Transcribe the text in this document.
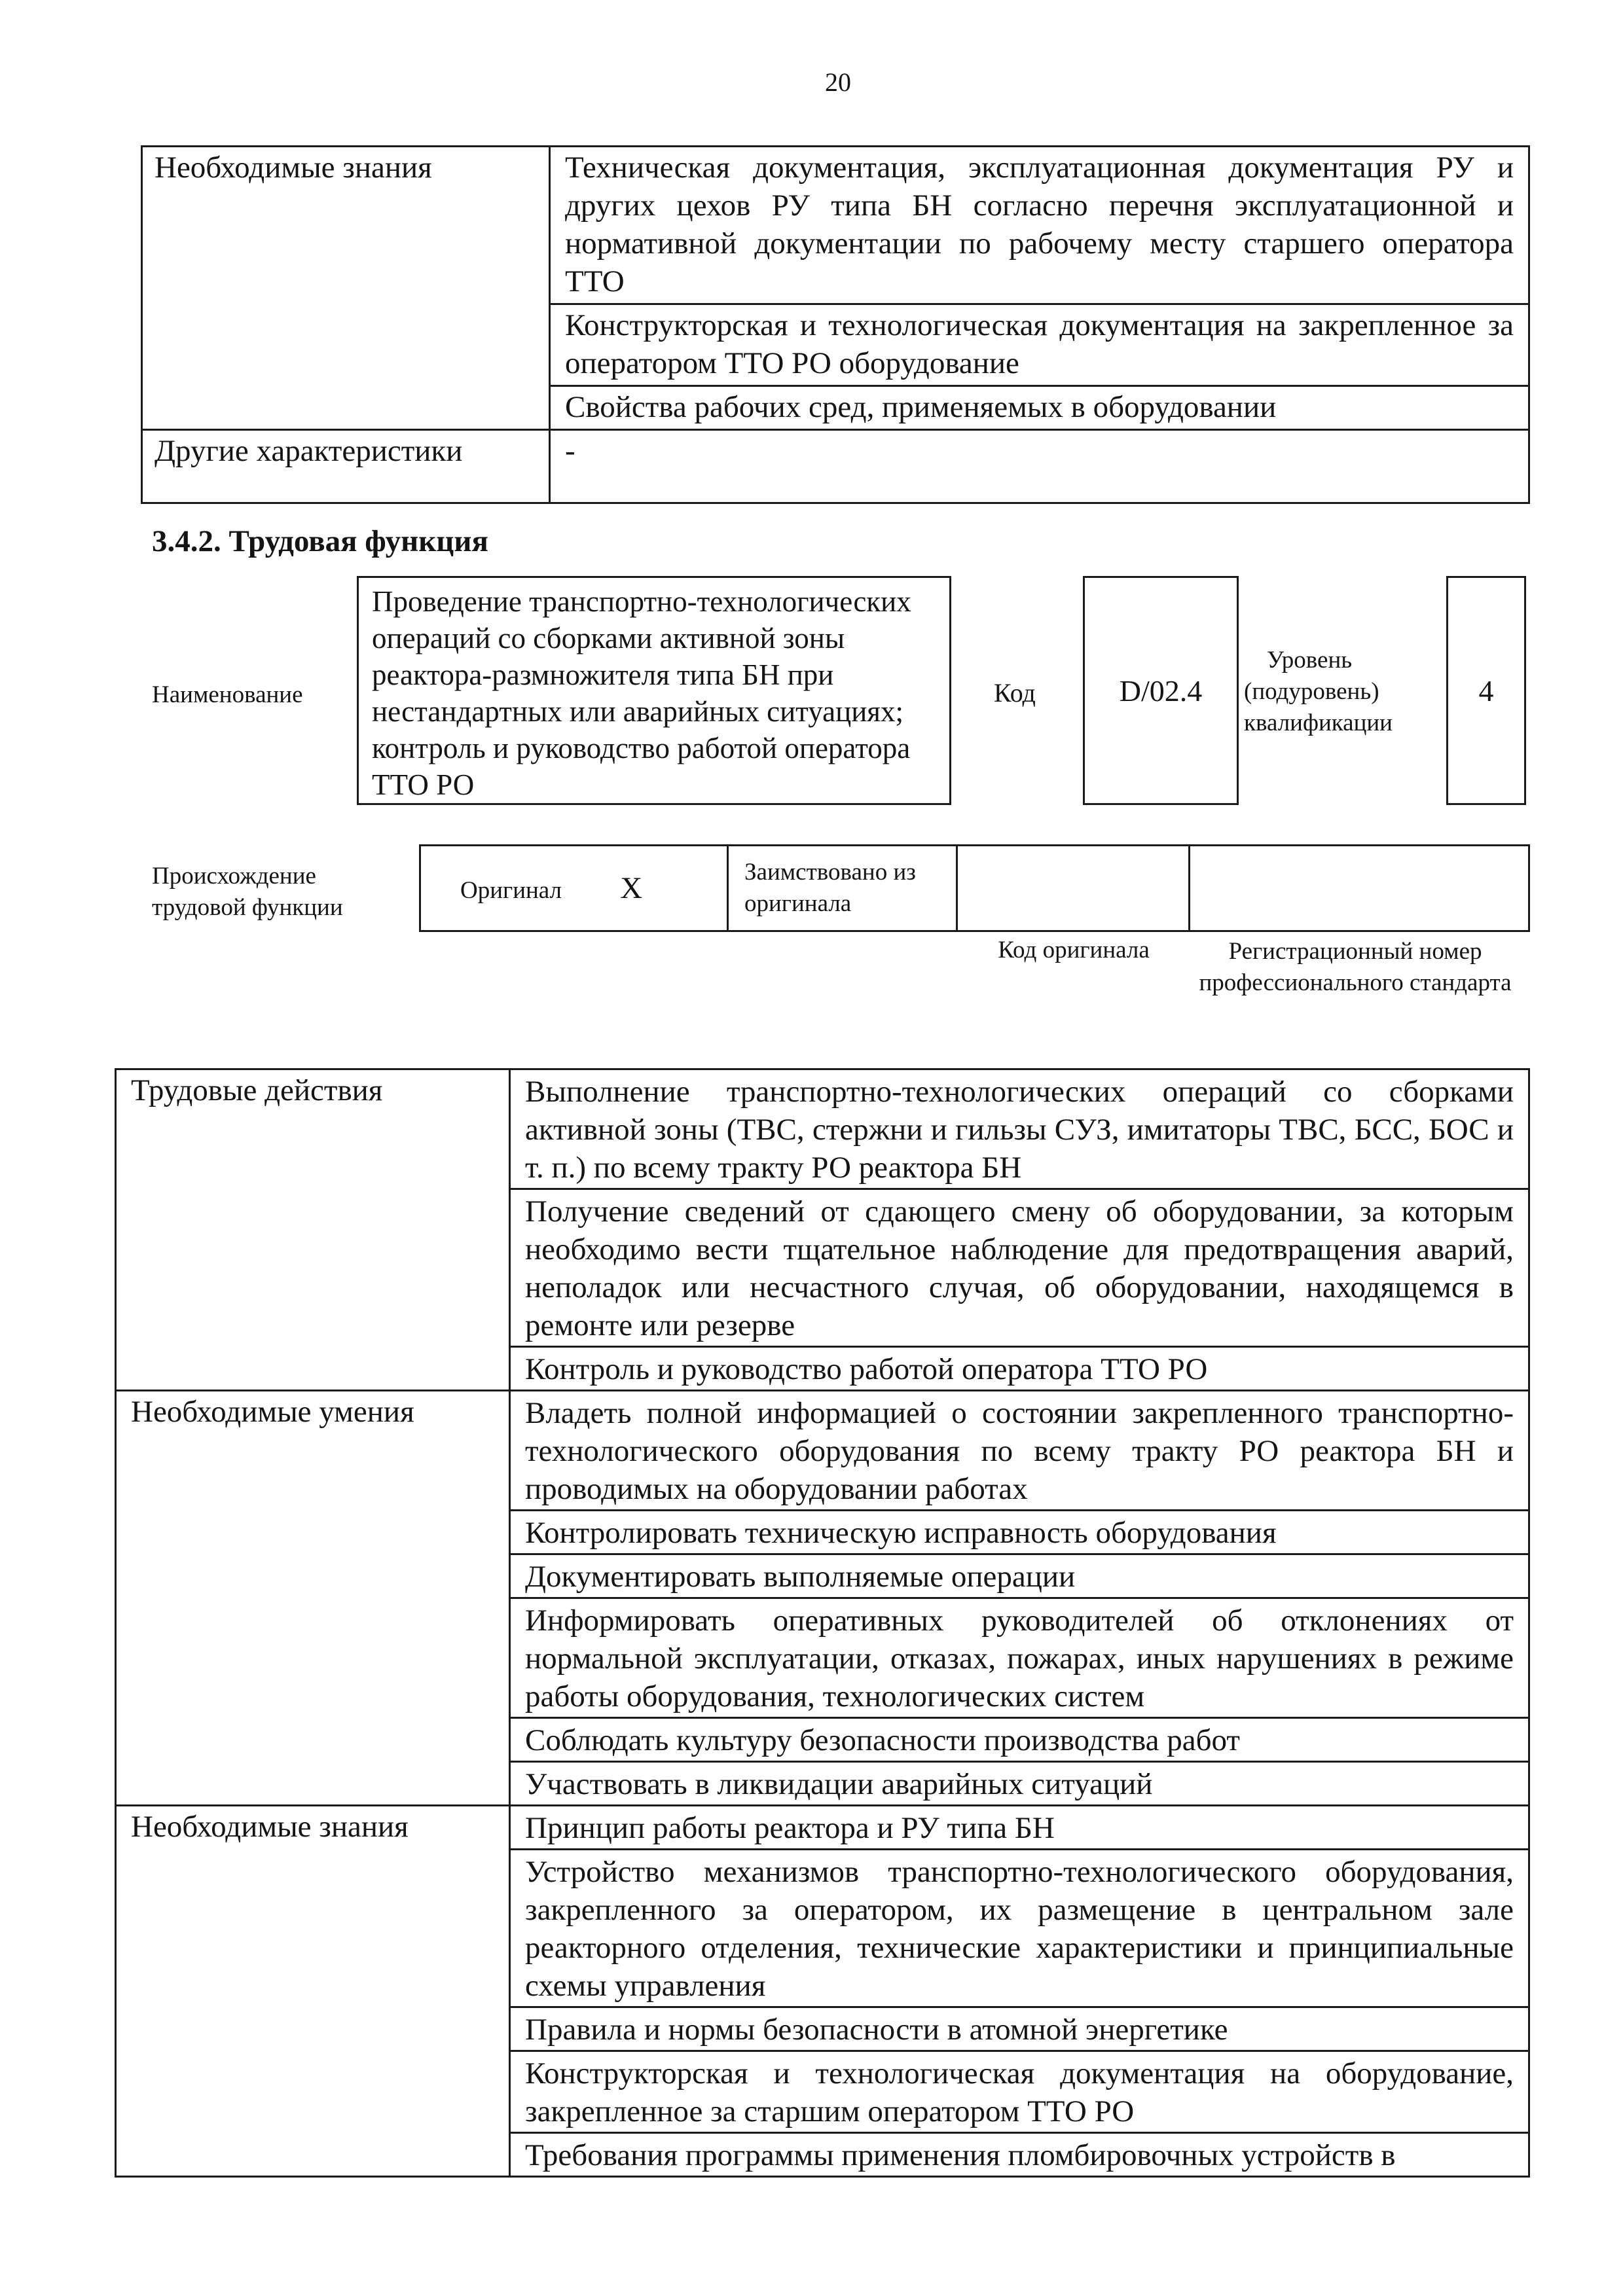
20
Необходимые знания	Техническая документация, эксплуатационная документация РУ и других цехов РУ типа БН согласно перечня эксплуатационной и нормативной документации по рабочему месту старшего оператора ТТО
	Конструкторская и технологическая документация на закрепленное за оператором ТТО РО оборудование
	Свойства рабочих сред, применяемых в оборудовании
Другие характеристики	-
3.4.2. Трудовая функция
Наименование
Проведение транспортно-технологических операций со сборками активной зоны реактора-размножителя типа БН при нестандартных или аварийных ситуациях; контроль и руководство работой оператора ТТО РО
Код	D/02.4
Уровень (подуровень) квалификации
4
Происхождение трудовой функции
Оригинал X	Заимствовано из оригинала		
Код оригинала	Регистрационный номер профессионального стандарта
Трудовые действия	Выполнение транспортно-технологических операций со сборками активной зоны (ТВС, стержни и гильзы СУЗ, имитаторы ТВС, БСС, БОС и т. п.) по всему тракту РО реактора БН
	Получение сведений от сдающего смену об оборудовании, за которым необходимо вести тщательное наблюдение для предотвращения аварий, неполадок или несчастного случая, об оборудовании, находящемся в ремонте или резерве
	Контроль и руководство работой оператора ТТО РО
Необходимые умения	Владеть полной информацией о состоянии закрепленного транспортно-технологического оборудования по всему тракту РО реактора БН и проводимых на оборудовании работах
	Контролировать техническую исправность оборудования
	Документировать выполняемые операции
	Информировать оперативных руководителей об отклонениях от нормальной эксплуатации, отказах, пожарах, иных нарушениях в режиме работы оборудования, технологических систем
	Соблюдать культуру безопасности производства работ
	Участвовать в ликвидации аварийных ситуаций
Необходимые знания	Принцип работы реактора и РУ типа БН
	Устройство механизмов транспортно-технологического оборудования, закрепленного за оператором, их размещение в центральном зале реакторного отделения, технические характеристики и принципиальные схемы управления
	Правила и нормы безопасности в атомной энергетике
	Конструкторская и технологическая документация на оборудование, закрепленное за старшим оператором ТТО РО
	Требования программы применения пломбировочных устройств в
